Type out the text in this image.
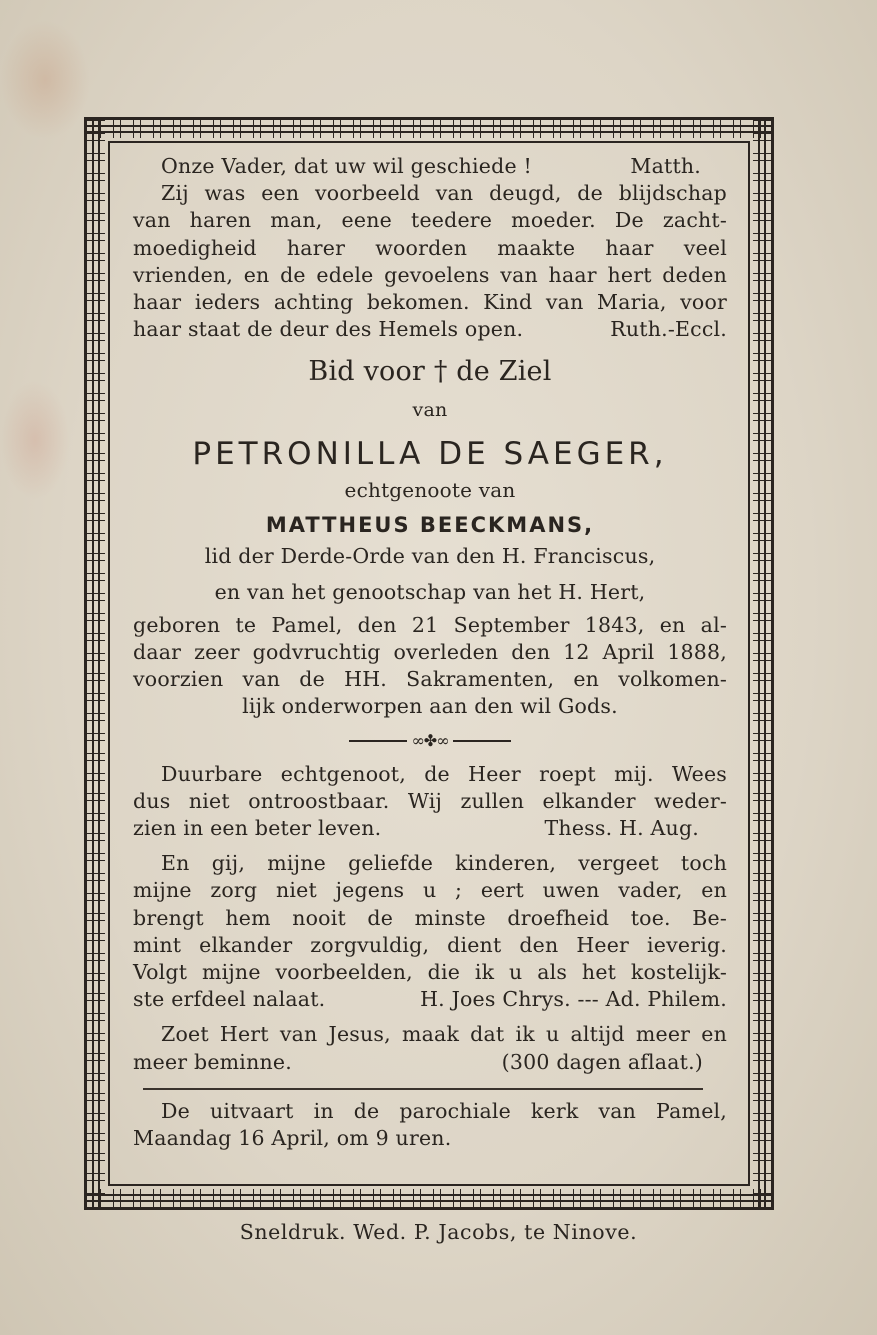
Onze Vader, dat uw wil geschiede !	Matth.

Zij was een voorbeeld van deugd, de blijdschap

van haren man, eene teedere moeder. De zacht-

moedigheid harer woorden maakte haar veel

vrienden, en de edele gevoelens van haar hert deden

haar ieders achting bekomen. Kind van Maria, voor

haar staat de deur des Hemels open.	Ruth.-Eccl.

Bid voor † de Ziel

van

PETRONILLA DE SAEGER,

echtgenoote van

MATTHEUS BEECKMANS,

lid der Derde-Orde van den H. Franciscus,

en van het genootschap van het H. Hert,

geboren te Pamel, den 21 September 1843, en al-

daar zeer godvruchtig overleden den 12 April 1888,

voorzien van de HH. Sakramenten, en volkomen-

lijk onderworpen aan den wil Gods.

∞✤∞

Duurbare echtgenoot, de Heer roept mij. Wees

dus niet ontroostbaar. Wij zullen elkander weder-

zien in een beter leven.	Thess. H. Aug.

En gij, mijne geliefde kinderen, vergeet toch

mijne zorg niet jegens u ; eert uwen vader, en

brengt hem nooit de minste droefheid toe. Be-

mint elkander zorgvuldig, dient den Heer ieverig.

Volgt mijne voorbeelden, die ik u als het kostelijk-

ste erfdeel nalaat.	H. Joes Chrys. --- Ad. Philem.

Zoet Hert van Jesus, maak dat ik u altijd meer en

meer beminne.	(300 dagen aflaat.)

De uitvaart in de parochiale kerk van Pamel,

Maandag 16 April, om 9 uren.

Sneldruk. Wed. P. Jacobs, te Ninove.
